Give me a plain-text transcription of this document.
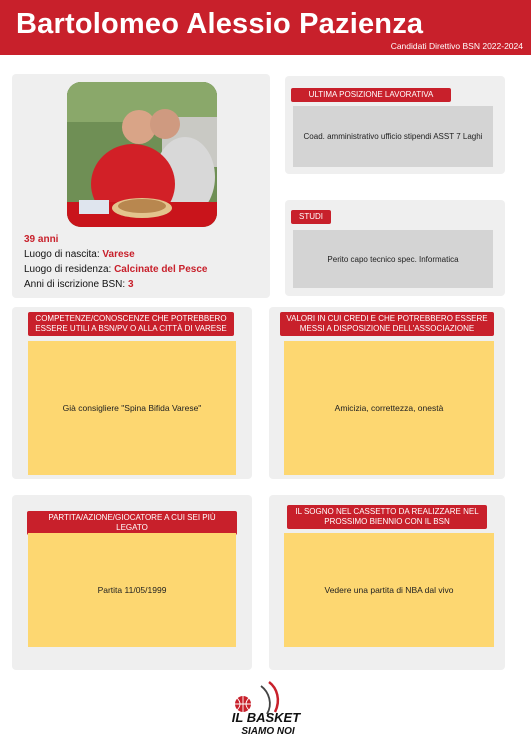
Bartolomeo Alessio Pazienza
Candidati Direttivo BSN 2022-2024
39 anni
Luogo di nascita: Varese
Luogo di residenza: Calcinate del Pesce
Anni di iscrizione BSN: 3
ULTIMA POSIZIONE LAVORATIVA
Coad. amministrativo ufficio stipendi ASST 7 Laghi
STUDI
Perito capo tecnico spec. Informatica
COMPETENZE/CONOSCENZE CHE POTREBBERO ESSERE UTILI A BSN/PV O ALLA CITTÀ DI VARESE
Già consigliere "Spina Bifida Varese"
VALORI IN CUI CREDI E CHE POTREBBERO ESSERE MESSI A DISPOSIZIONE DELL'ASSOCIAZIONE
Amicizia, correttezza, onestà
PARTITA/AZIONE/GIOCATORE A CUI SEI PIÙ LEGATO
Partita 11/05/1999
IL SOGNO NEL CASSETTO DA REALIZZARE NEL PROSSIMO BIENNIO CON IL BSN
Vedere una partita di NBA dal vivo
IL BASKET
SIAMO NOI
